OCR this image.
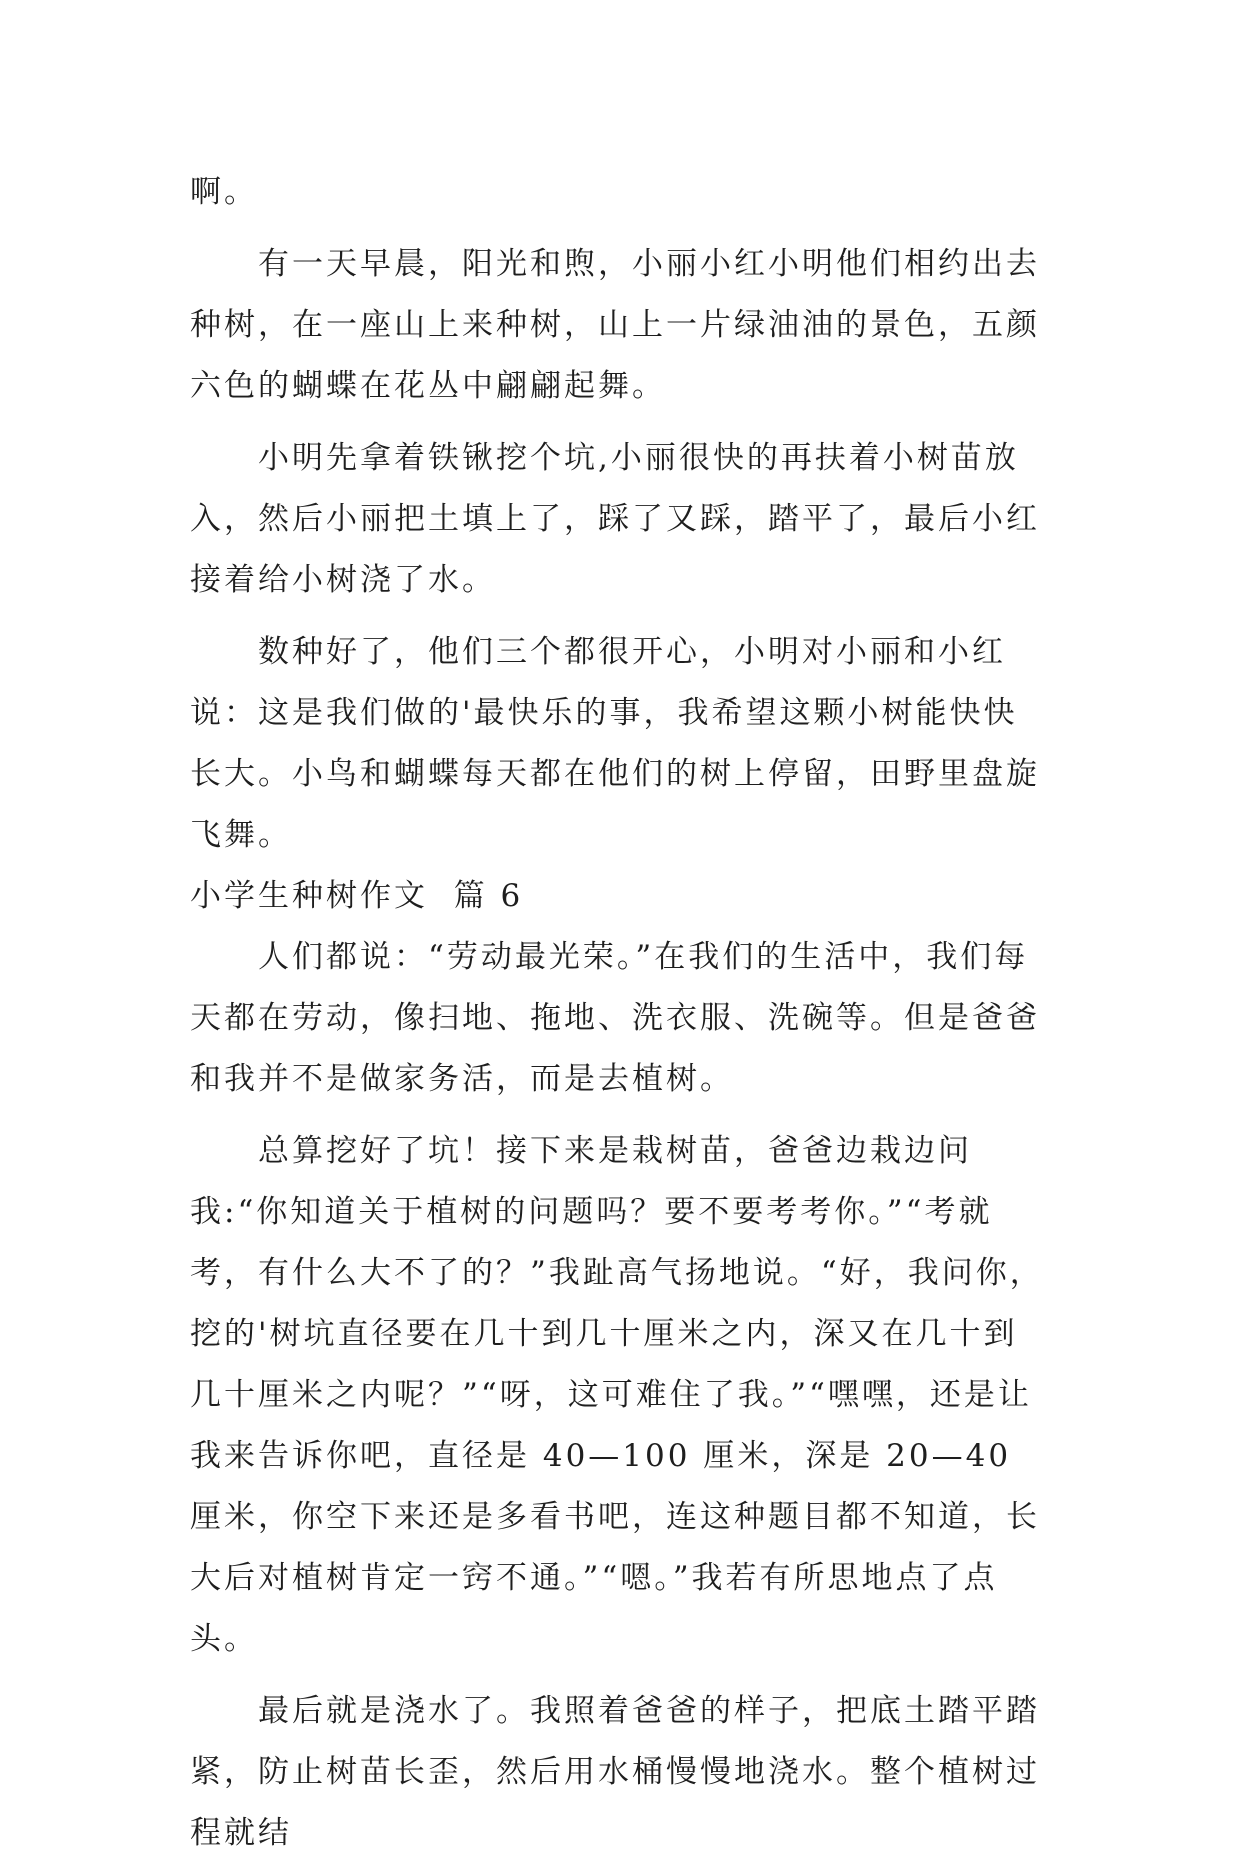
啊。

有一天早晨，阳光和煦，小丽小红小明他们相约出去种树，在一座山上来种树，山上一片绿油油的景色，五颜六色的蝴蝶在花丛中翩翩起舞。

小明先拿着铁锹挖个坑,小丽很快的再扶着小树苗放入，然后小丽把土填上了，踩了又踩，踏平了，最后小红接着给小树浇了水。

数种好了，他们三个都很开心，小明对小丽和小红说：这是我们做的'最快乐的事，我希望这颗小树能快快长大。小鸟和蝴蝶每天都在他们的树上停留，田野里盘旋飞舞。

小学生种树作文  篇 6

人们都说：“劳动最光荣。”在我们的生活中，我们每天都在劳动，像扫地、拖地、洗衣服、洗碗等。但是爸爸和我并不是做家务活，而是去植树。

总算挖好了坑！接下来是栽树苗，爸爸边栽边问我:“你知道关于植树的问题吗？要不要考考你。”“考就考，有什么大不了的？”我趾高气扬地说。“好，我问你，挖的'树坑直径要在几十到几十厘米之内，深又在几十到几十厘米之内呢？”“呀，这可难住了我。”“嘿嘿，还是让我来告诉你吧，直径是 40—100 厘米，深是 20—40 厘米，你空下来还是多看书吧，连这种题目都不知道，长大后对植树肯定一窍不通。”“嗯。”我若有所思地点了点头。

最后就是浇水了。我照着爸爸的样子，把底土踏平踏紧，防止树苗长歪，然后用水桶慢慢地浇水。整个植树过程就结
